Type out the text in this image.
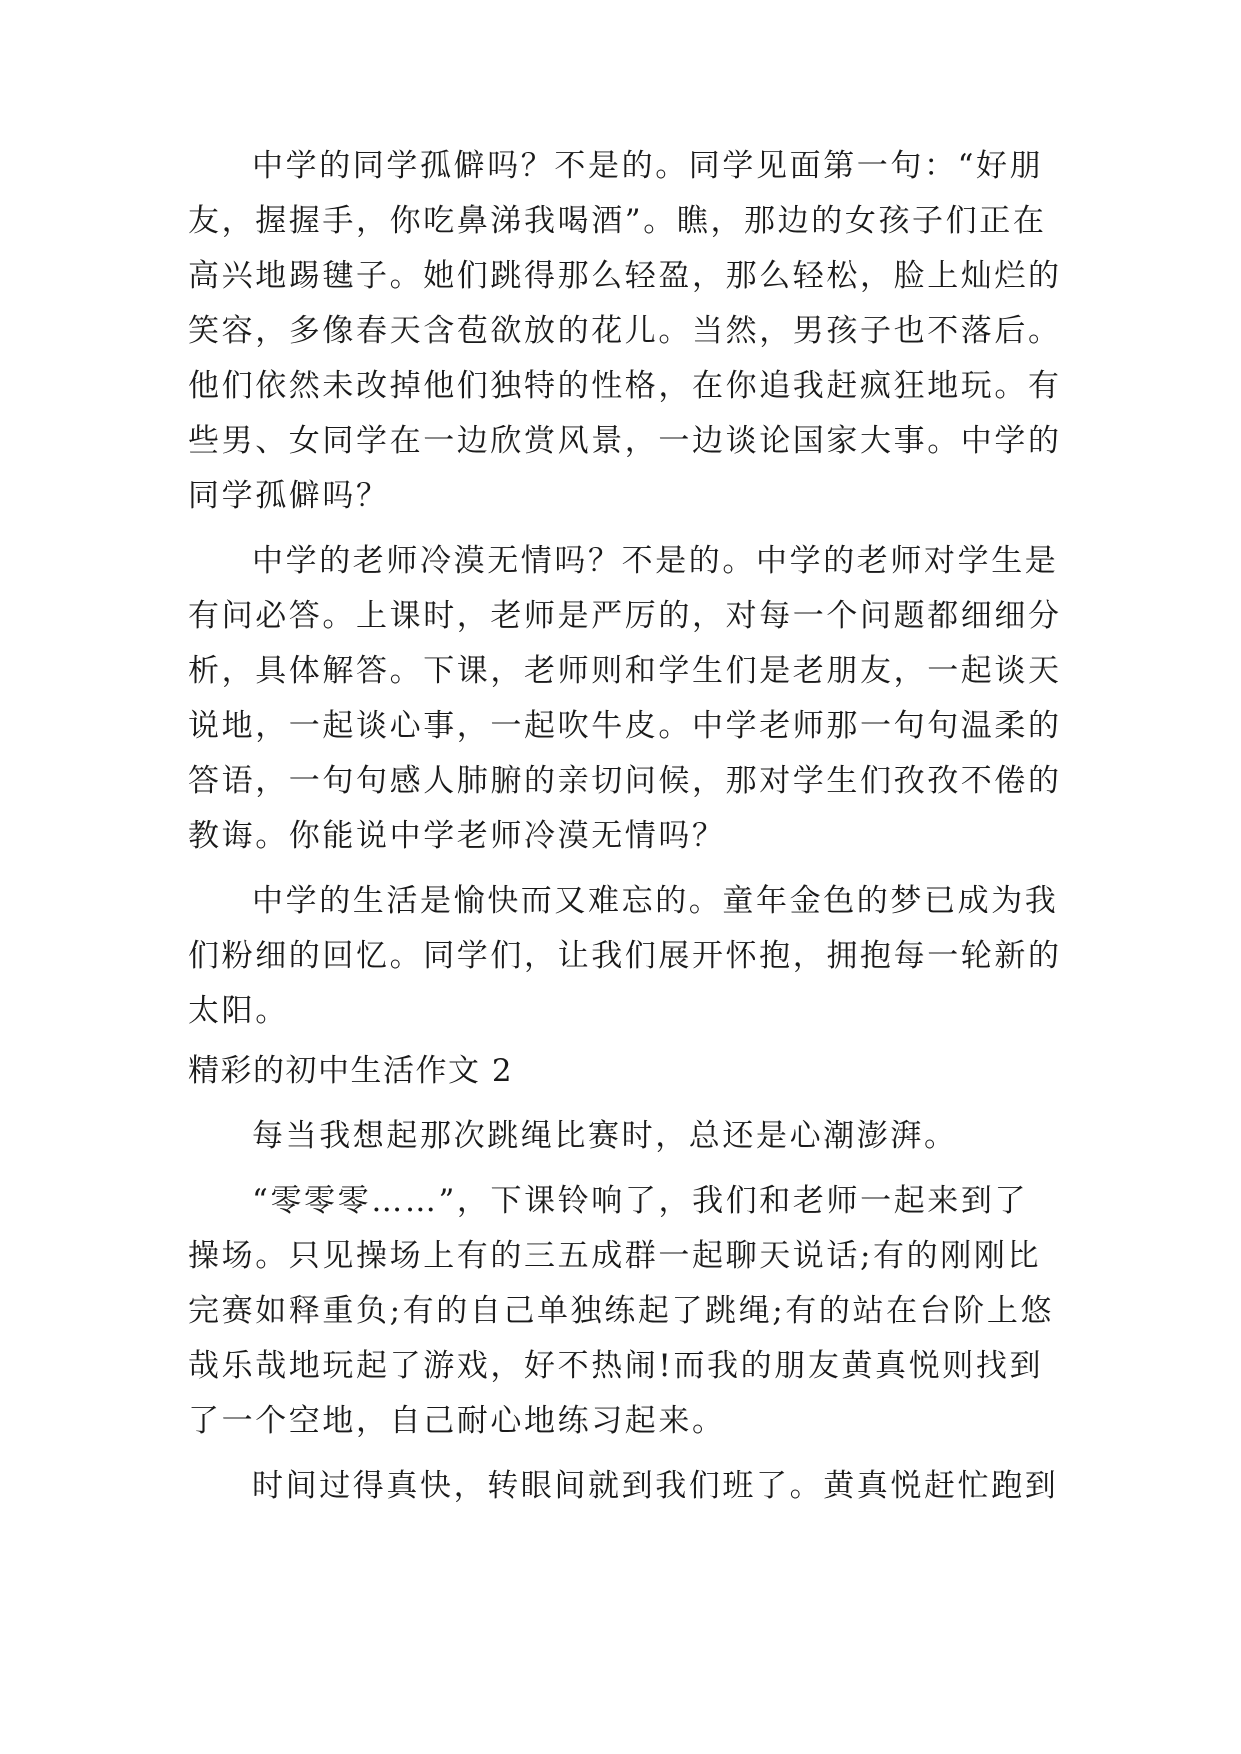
中学的同学孤僻吗？不是的。同学见面第一句：“好朋
友，握握手，你吃鼻涕我喝酒”。瞧，那边的女孩子们正在
高兴地踢毽子。她们跳得那么轻盈，那么轻松，脸上灿烂的
笑容，多像春天含苞欲放的花儿。当然，男孩子也不落后。
他们依然未改掉他们独特的性格，在你追我赶疯狂地玩。有
些男、女同学在一边欣赏风景，一边谈论国家大事。中学的
同学孤僻吗？
中学的老师冷漠无情吗？不是的。中学的老师对学生是
有问必答。上课时，老师是严厉的，对每一个问题都细细分
析，具体解答。下课，老师则和学生们是老朋友，一起谈天
说地，一起谈心事，一起吹牛皮。中学老师那一句句温柔的
答语，一句句感人肺腑的亲切问候，那对学生们孜孜不倦的
教诲。你能说中学老师冷漠无情吗？
中学的生活是愉快而又难忘的。童年金色的梦已成为我
们粉细的回忆。同学们，让我们展开怀抱，拥抱每一轮新的
太阳。
精彩的初中生活作文 2
每当我想起那次跳绳比赛时，总还是心潮澎湃。
“零零零……”，下课铃响了，我们和老师一起来到了
操场。只见操场上有的三五成群一起聊天说话;有的刚刚比
完赛如释重负;有的自己单独练起了跳绳;有的站在台阶上悠
哉乐哉地玩起了游戏，好不热闹!而我的朋友黄真悦则找到
了一个空地，自己耐心地练习起来。
时间过得真快，转眼间就到我们班了。黄真悦赶忙跑到
